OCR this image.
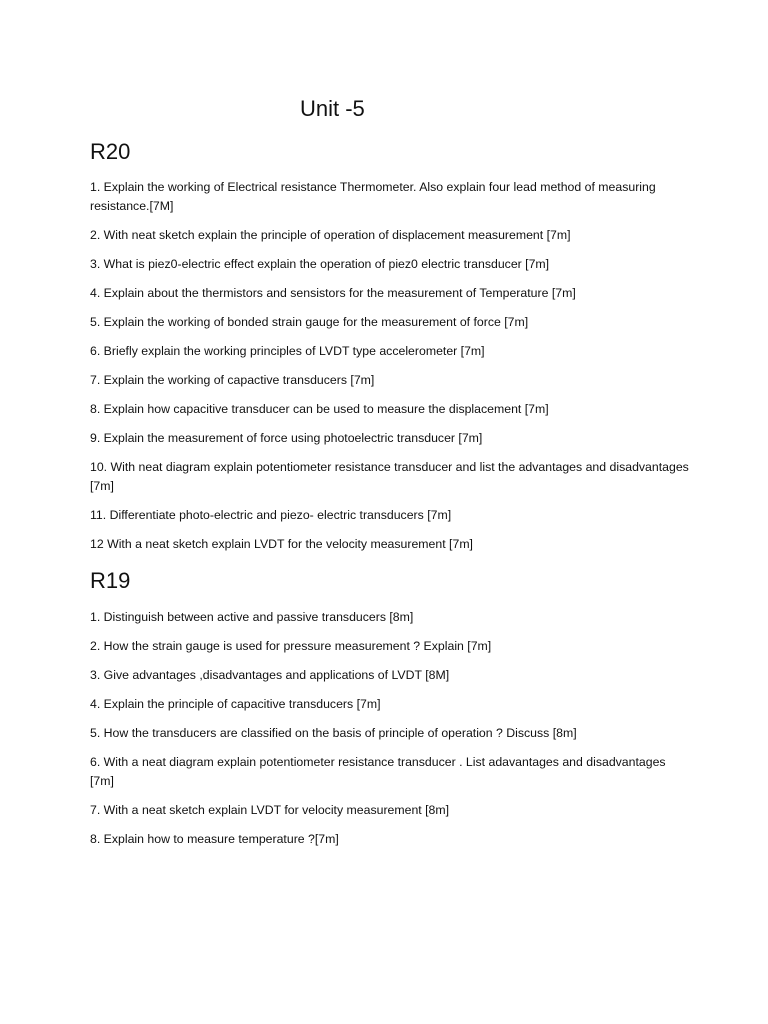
Unit -5
R20
1. Explain the working of Electrical resistance Thermometer. Also explain four lead method of measuring resistance.[7M]
2. With neat sketch explain the principle of operation of displacement measurement [7m]
3. What is piez0-electric effect explain the operation of piez0 electric transducer [7m]
4. Explain about the thermistors and sensistors for the measurement of Temperature [7m]
5. Explain the working of bonded strain gauge for the measurement of force [7m]
6. Briefly explain the working principles of LVDT type accelerometer [7m]
7. Explain the working of capactive transducers [7m]
8. Explain how capacitive transducer can be used to measure the displacement [7m]
9. Explain the measurement of force using photoelectric transducer [7m]
10. With neat diagram explain potentiometer resistance transducer and list the advantages and disadvantages [7m]
11. Differentiate photo-electric and piezo- electric transducers [7m]
12 With a neat sketch explain LVDT for the velocity measurement [7m]
R19
1. Distinguish between active and passive transducers [8m]
2. How the strain gauge is used for pressure measurement ? Explain [7m]
3. Give advantages ,disadvantages and applications of LVDT [8M]
4. Explain the principle of capacitive transducers [7m]
5. How the transducers are classified on the basis of principle of operation ? Discuss [8m]
6. With a neat diagram explain potentiometer resistance transducer . List adavantages and disadvantages [7m]
7. With a neat sketch explain LVDT for velocity measurement [8m]
8. Explain how to measure temperature ?[7m]
